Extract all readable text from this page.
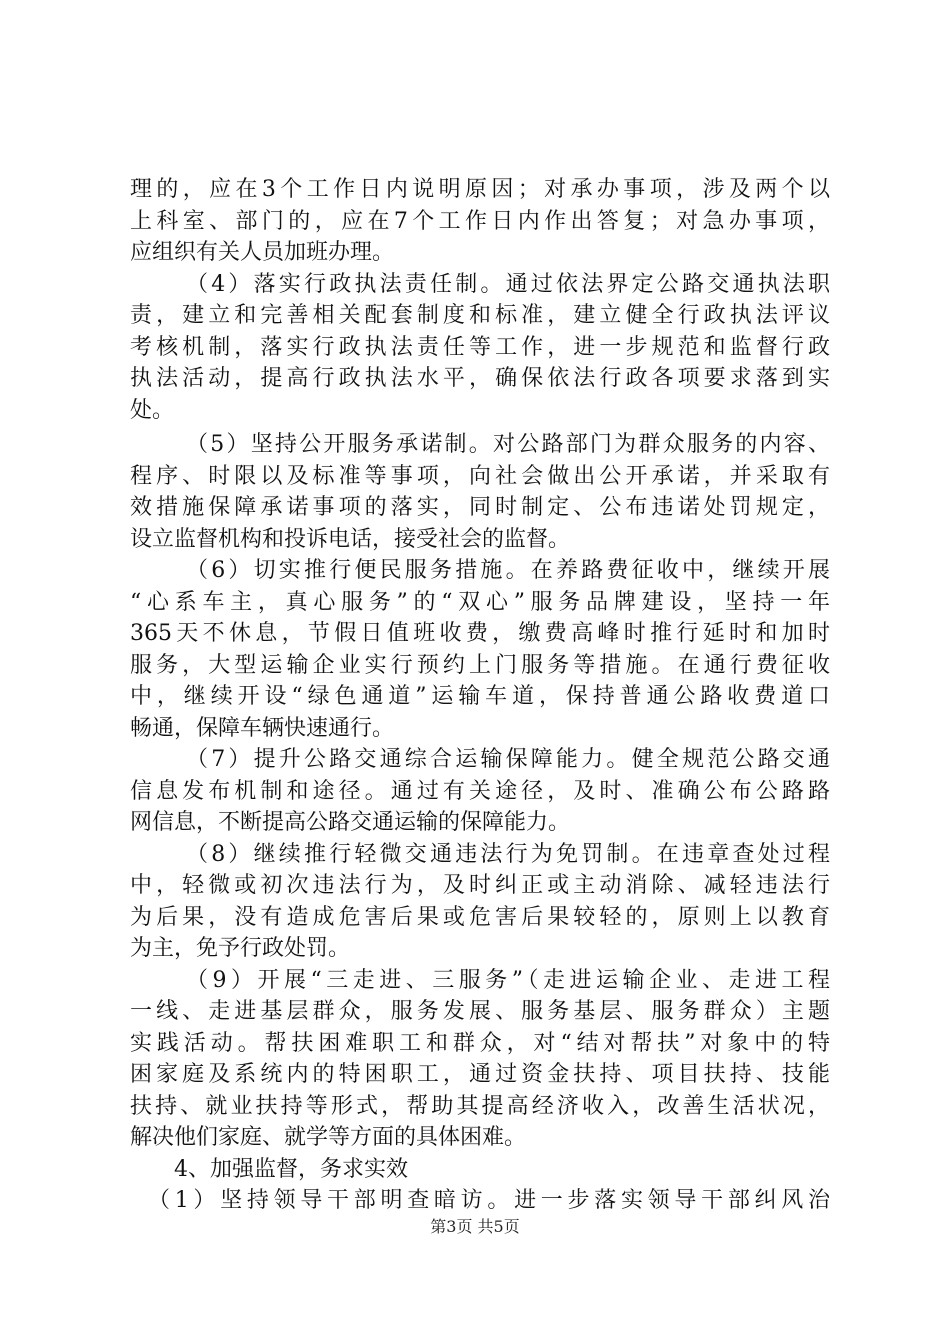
理的，应在3个工作日内说明原因；对承办事项，涉及两个以
上科室、部门的，应在7个工作日内作出答复；对急办事项，
应组织有关人员加班办理。
（4）落实行政执法责任制。通过依法界定公路交通执法职
责，建立和完善相关配套制度和标准，建立健全行政执法评议
考核机制，落实行政执法责任等工作，进一步规范和监督行政
执法活动，提高行政执法水平，确保依法行政各项要求落到实
处。
（5）坚持公开服务承诺制。对公路部门为群众服务的内容、
程序、时限以及标准等事项，向社会做出公开承诺，并采取有
效措施保障承诺事项的落实，同时制定、公布违诺处罚规定，
设立监督机构和投诉电话，接受社会的监督。
（6）切实推行便民服务措施。在养路费征收中，继续开展
“心系车主，真心服务”的“双心”服务品牌建设，坚持一年
365天不休息，节假日值班收费，缴费高峰时推行延时和加时
服务，大型运输企业实行预约上门服务等措施。在通行费征收
中，继续开设“绿色通道”运输车道，保持普通公路收费道口
畅通，保障车辆快速通行。
（7）提升公路交通综合运输保障能力。健全规范公路交通
信息发布机制和途径。通过有关途径，及时、准确公布公路路
网信息，不断提高公路交通运输的保障能力。
（8）继续推行轻微交通违法行为免罚制。在违章查处过程
中，轻微或初次违法行为，及时纠正或主动消除、减轻违法行
为后果，没有造成危害后果或危害后果较轻的，原则上以教育
为主，免予行政处罚。
（9）开展“三走进、三服务”（走进运输企业、走进工程
一线、走进基层群众，服务发展、服务基层、服务群众）主题
实践活动。帮扶困难职工和群众，对“结对帮扶”对象中的特
困家庭及系统内的特困职工，通过资金扶持、项目扶持、技能
扶持、就业扶持等形式，帮助其提高经济收入，改善生活状况，
解决他们家庭、就学等方面的具体困难。
4、加强监督，务求实效
（1）坚持领导干部明查暗访。进一步落实领导干部纠风治
第3页 共5页
